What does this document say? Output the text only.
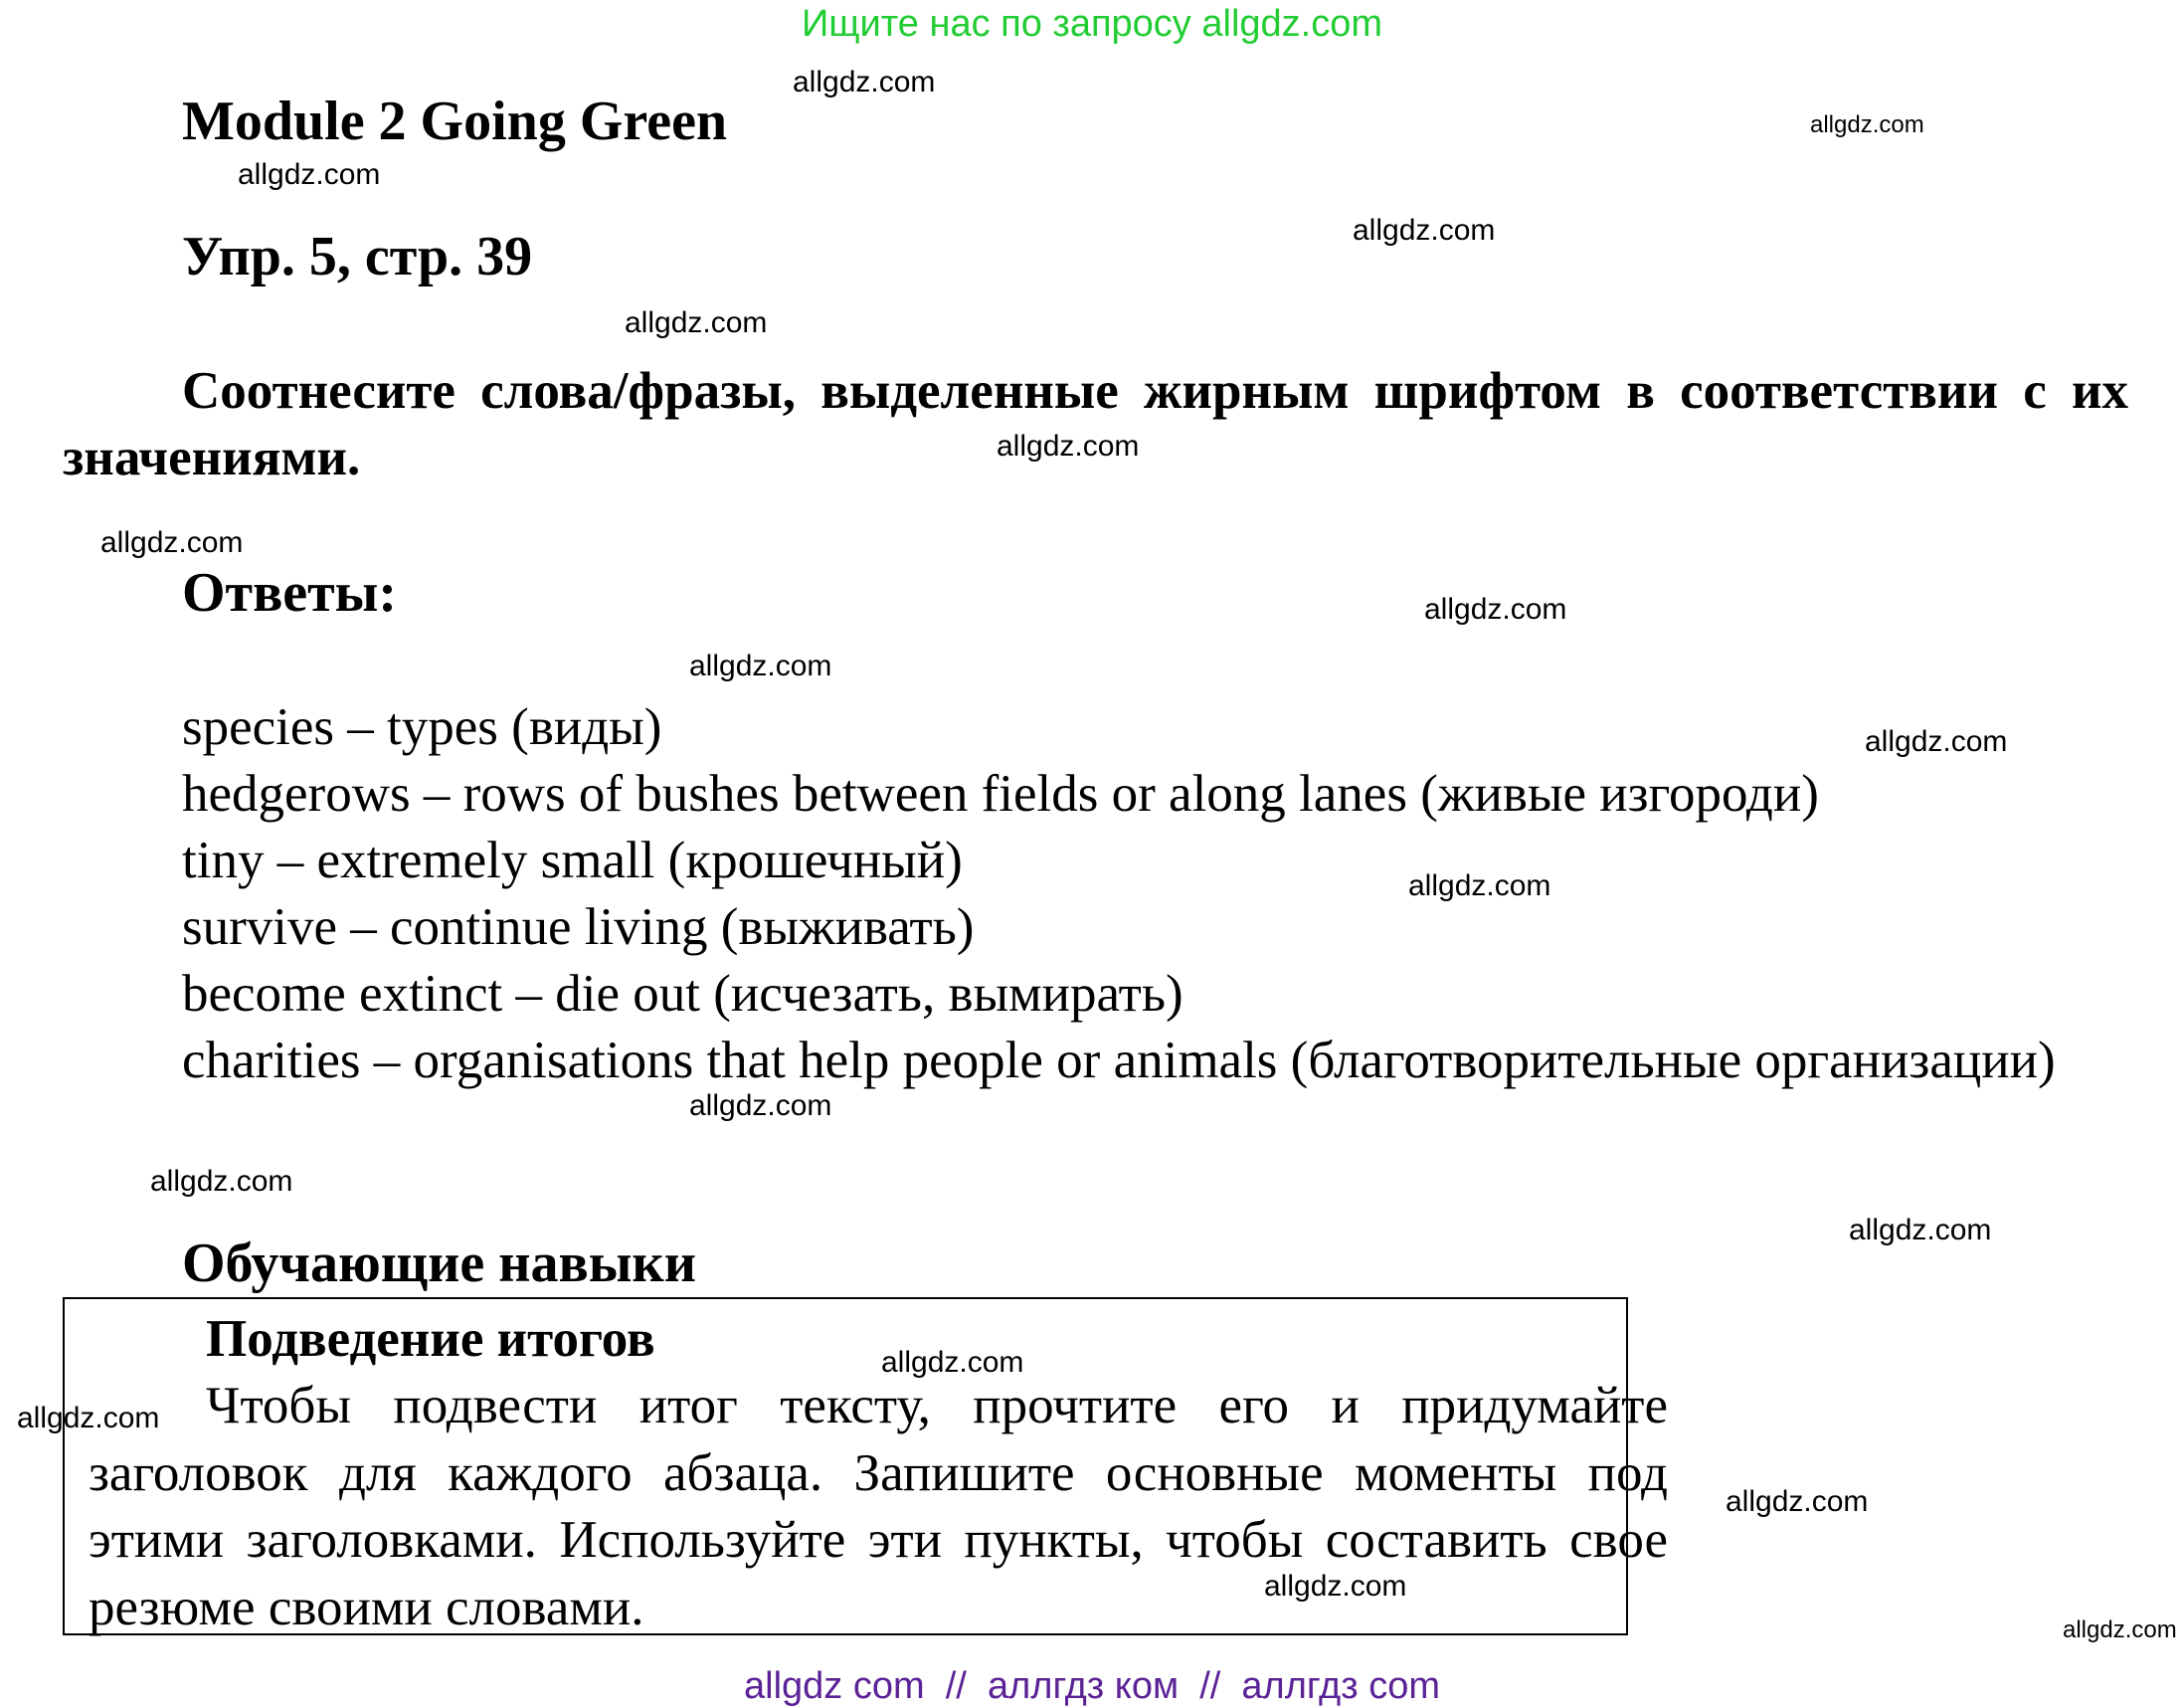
Ищите нас по запросу allgdz.com
Module 2 Going Green
Упр. 5, стр. 39
Соотнесите слова/фразы, выделенные жирным шрифтом в соответствии с их значениями.
Ответы:
species – types (виды)
hedgerows – rows of bushes between fields or along lanes (живые изгороди)
tiny – extremely small (крошечный)
survive – continue living (выживать)
become extinct – die out (исчезать, вымирать)
charities – organisations that help people or animals (благотворительные организации)
Обучающие навыки
Подведение итогов
Чтобы подвести итог тексту, прочтите его и придумайте заголовок для каждого абзаца. Запишите основные моменты под этими заголовками. Используйте эти пункты, чтобы составить свое резюме своими словами.
allgdz.com
allgdz.com
allgdz.com
allgdz.com
allgdz.com
allgdz.com
allgdz.com
allgdz.com
allgdz.com
allgdz.com
allgdz.com
allgdz.com
allgdz.com
allgdz.com
allgdz.com
allgdz.com
allgdz.com
allgdz.com
allgdz.com
allgdz com  //  аллгдз ком  //  аллгдз com
